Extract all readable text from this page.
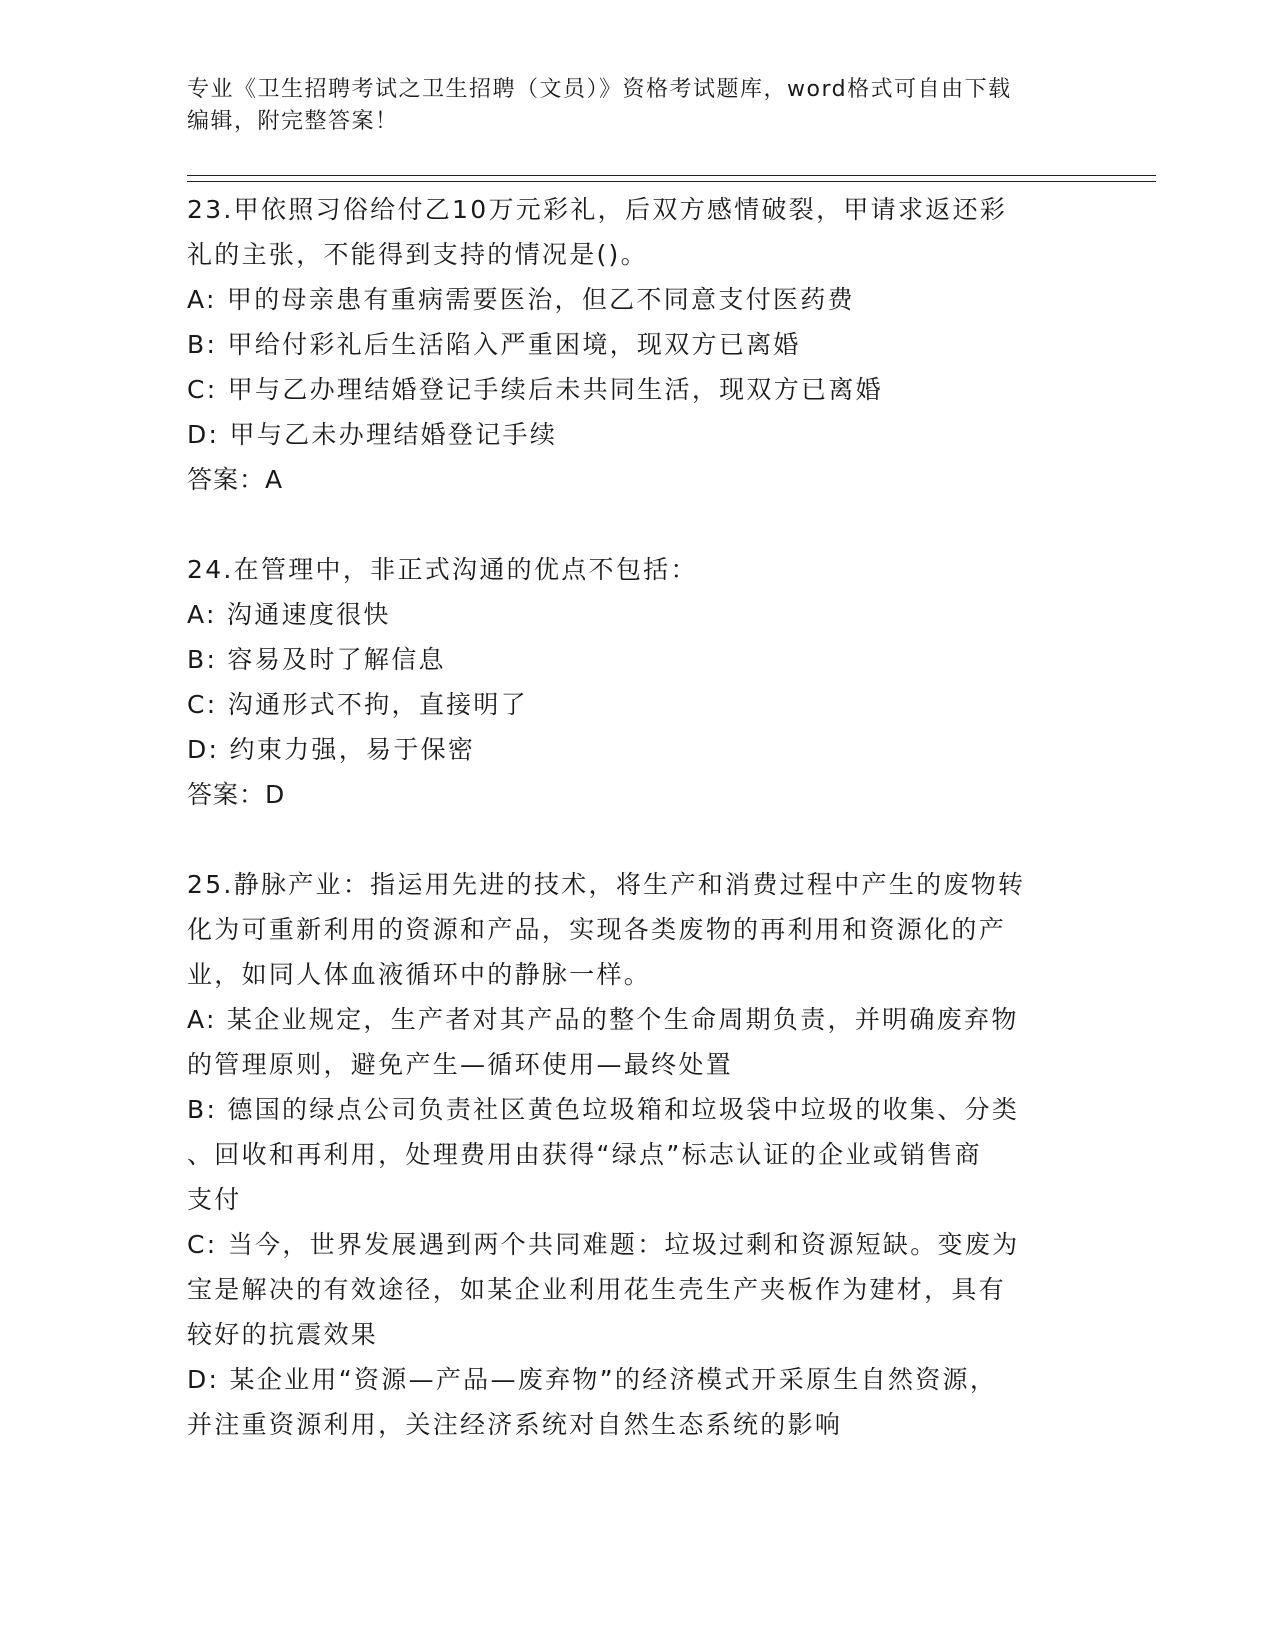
专业《卫生招聘考试之卫生招聘（文员）》资格考试题库，word格式可自由下载
编辑，附完整答案！

23.甲依照习俗给付乙10万元彩礼，后双方感情破裂，甲请求返还彩

礼的主张，不能得到支持的情况是()。

A: 甲的母亲患有重病需要医治，但乙不同意支付医药费

B: 甲给付彩礼后生活陷入严重困境，现双方已离婚

C: 甲与乙办理结婚登记手续后未共同生活，现双方已离婚

D: 甲与乙未办理结婚登记手续

答案：A

24.在管理中，非正式沟通的优点不包括：

A: 沟通速度很快

B: 容易及时了解信息

C: 沟通形式不拘，直接明了

D: 约束力强，易于保密

答案：D

25.静脉产业：指运用先进的技术，将生产和消费过程中产生的废物转

化为可重新利用的资源和产品，实现各类废物的再利用和资源化的产

业，如同人体血液循环中的静脉一样。

A: 某企业规定，生产者对其产品的整个生命周期负责，并明确废弃物

的管理原则，避免产生—循环使用—最终处置

B: 德国的绿点公司负责社区黄色垃圾箱和垃圾袋中垃圾的收集、分类

、回收和再利用，处理费用由获得“绿点”标志认证的企业或销售商

支付

C: 当今，世界发展遇到两个共同难题：垃圾过剩和资源短缺。变废为

宝是解决的有效途径，如某企业利用花生壳生产夹板作为建材，具有

较好的抗震效果

D: 某企业用“资源—产品—废弃物”的经济模式开采原生自然资源，

并注重资源利用，关注经济系统对自然生态系统的影响
